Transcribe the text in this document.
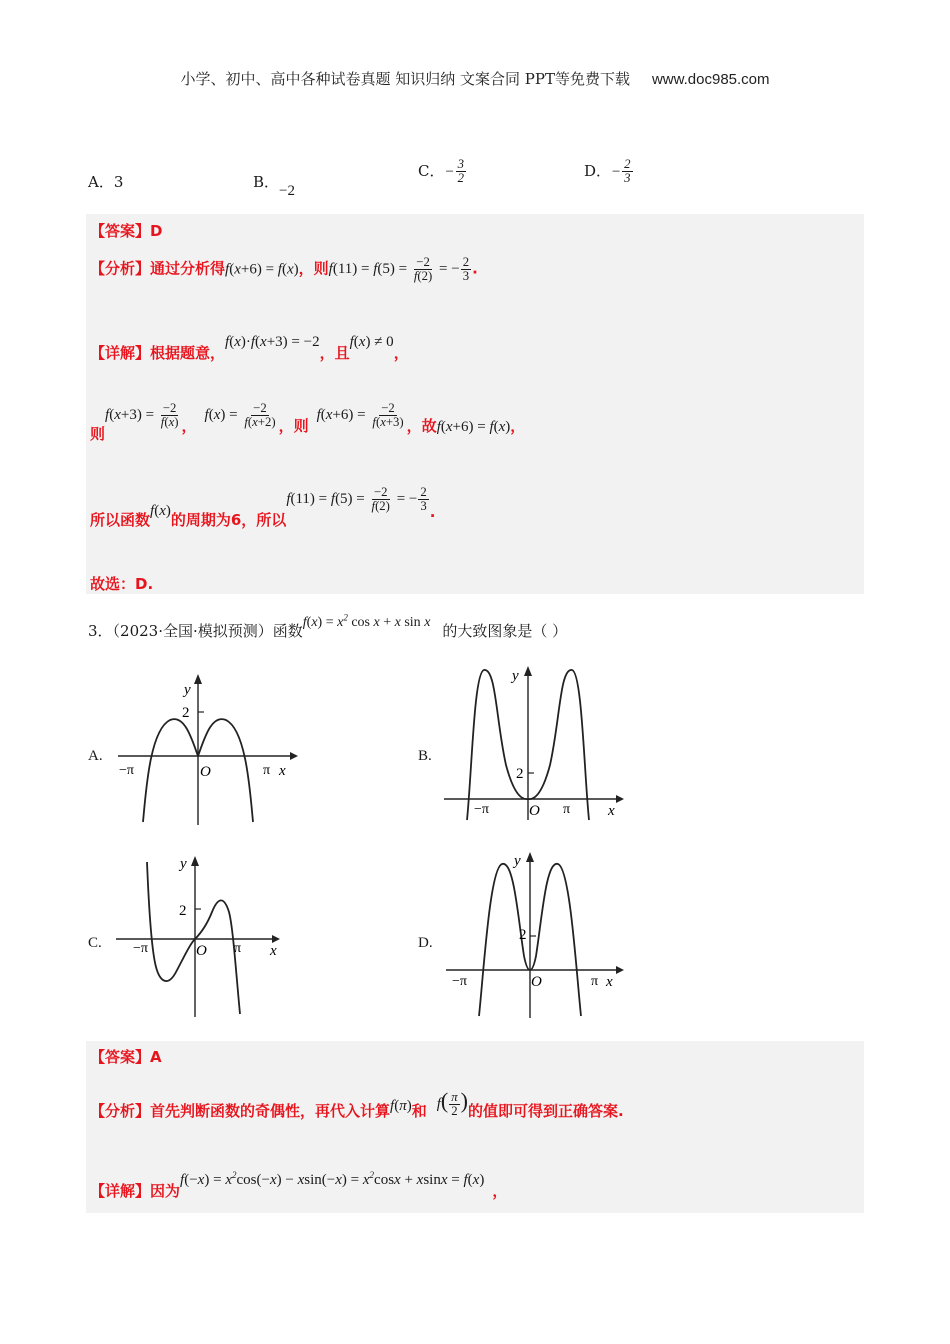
小学、初中、高中各种试卷真题 知识归纳 文案合同 PPT等免费下载 www.doc985.com
A．3	B．−2
C．− $\frac{3}{2}$	D．− $\frac{2}{3}$
【答案】D
【分析】通过分析得f(x+6) = f(x)，则$f(11) = f(5) = \frac{-2}{f(2)}$ = − $\frac{2}{3}$ .
【详解】根据题意，f(x)·f(x+3) = −2，且f(x) ≠ 0，
则$f(x+3) = \frac{-2}{f(x)}$ ，$f(x) = \frac{-2}{f(x+2)}$ ，则$f(x+6) = \frac{-2}{f(x+3)}$ ，故f(x+6) = f(x)，
所以函数f(x)的周期为6，所以$f(11) = f(5) = \frac{-2}{f(2)}$ = − $\frac{2}{3}$ .
故选：D.
3．（2023·全国·模拟预测）函数$f(x) = x^2$ cos x + x sin x 的大致图象是（ ）
A.	B.
C.	D.
2
y
−π	O	π x	2
y
−π	O π	x
2
y
−π	O π x
2
y
−π	O	π x
【答案】A
【分析】首先判断函数的奇偶性，再代入计算f(π)和 $f( \frac{\pi}{2}$ )的值即可得到正确答案.
【详解】因为$f(-x) = x^2\cos(-x) - xsin(-x) = x^2\cos x + xsinx = f(x)$，
